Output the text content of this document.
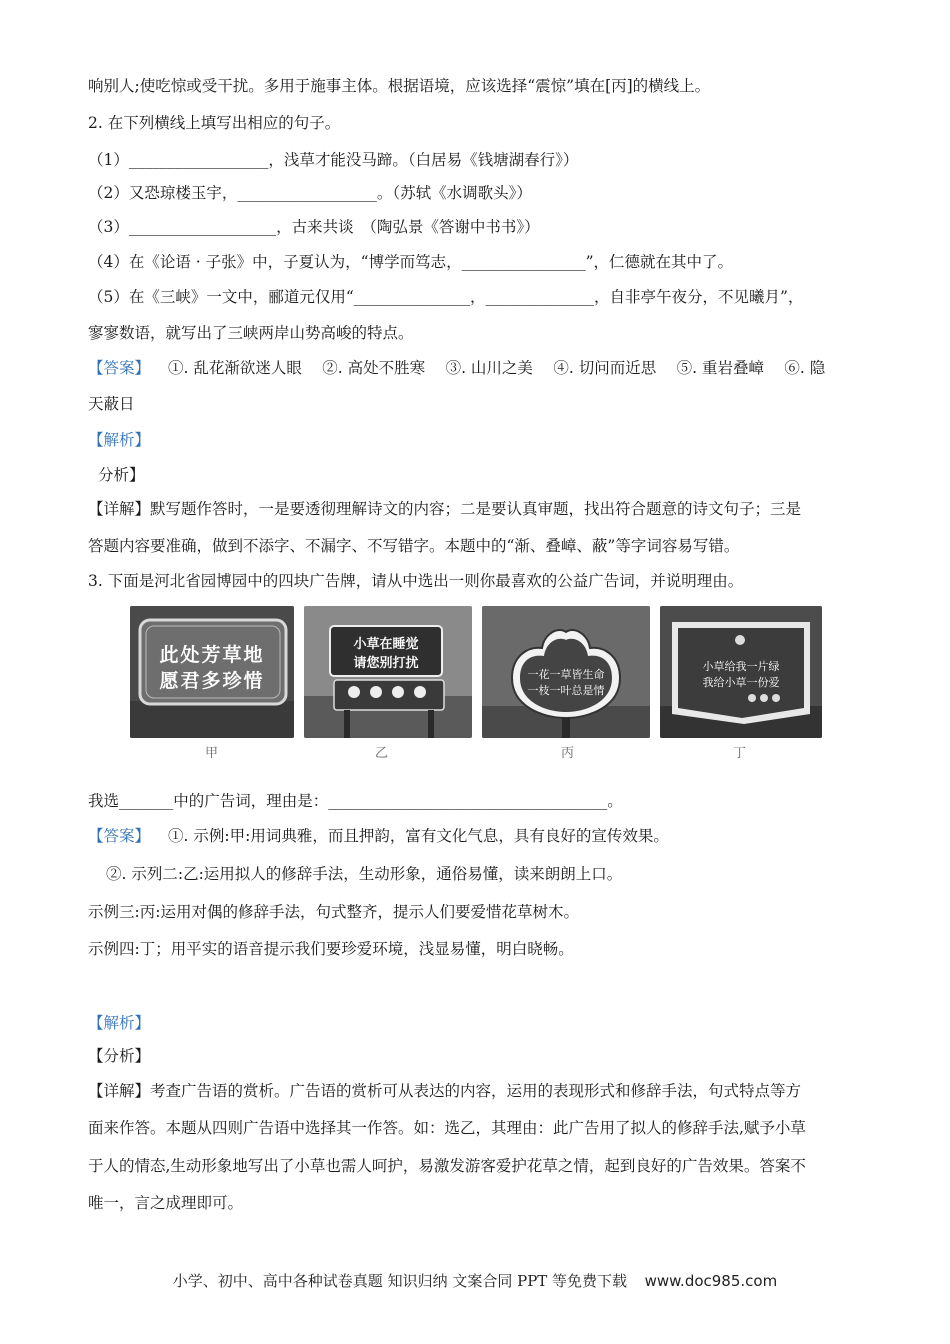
响别人;使吃惊或受干扰。多用于施事主体。根据语境，应该选择“震惊”填在[丙]的横线上。
2. 在下列横线上填写出相应的句子。
（1）__________________，浅草才能没马蹄。（白居易《钱塘湖春行》）
（2）又恐琼楼玉宇，__________________。（苏轼《水调歌头》）
（3）___________________，古来共谈　（陶弘景《答谢中书书》）
（4）在《论语 · 子张》中，子夏认为，“博学而笃志，________________”，仁德就在其中了。
（5）在《三峡》一文中，郦道元仅用“_______________，______________，自非亭午夜分，不见曦月”，
寥寥数语，就写出了三峡两岸山势高峻的特点。
【答案】 ①. 乱花渐欲迷人眼　 ②. 高处不胜寒　 ③. 山川之美　 ④. 切问而近思　 ⑤. 重岩叠嶂　 ⑥. 隐
天蔽日
【解析】
分析】
【详解】默写题作答时，一是要透彻理解诗文的内容；二是要认真审题，找出符合题意的诗文句子；三是
答题内容要准确，做到不添字、不漏字、不写错字。本题中的“渐、叠嶂、蔽”等字词容易写错。
3. 下面是河北省园博园中的四块广告牌，请从中选出一则你最喜欢的公益广告词，并说明理由。
此处芳草地
愿君多珍惜
甲
小草在睡觉
请您别打扰
乙
一花一草皆生命
一枝一叶总是情
丙
小草给我一片绿
我给小草一份爱
丁
我选_______中的广告词，理由是：____________________________________。
【答案】 ①. 示例:甲:用词典雅，而且押韵，富有文化气息，具有良好的宣传效果。
②. 示列二:乙:运用拟人的修辞手法，生动形象，通俗易懂，读来朗朗上口。
示例三:丙:运用对偶的修辞手法，句式整齐，提示人们要爱惜花草树木。
示例四:丁；用平实的语音提示我们要珍爱环境，浅显易懂，明白晓畅。
【解析】
【分析】
【详解】考查广告语的赏析。广告语的赏析可从表达的内容，运用的表现形式和修辞手法，句式特点等方
面来作答。本题从四则广告语中选择其一作答。如：选乙，其理由：此广告用了拟人的修辞手法,赋予小草
于人的情态,生动形象地写出了小草也需人呵护，易激发游客爱护花草之情，起到良好的广告效果。答案不
唯一，言之成理即可。
小学、初中、高中各种试卷真题 知识归纳 文案合同 PPT 等免费下载 www.doc985.com
